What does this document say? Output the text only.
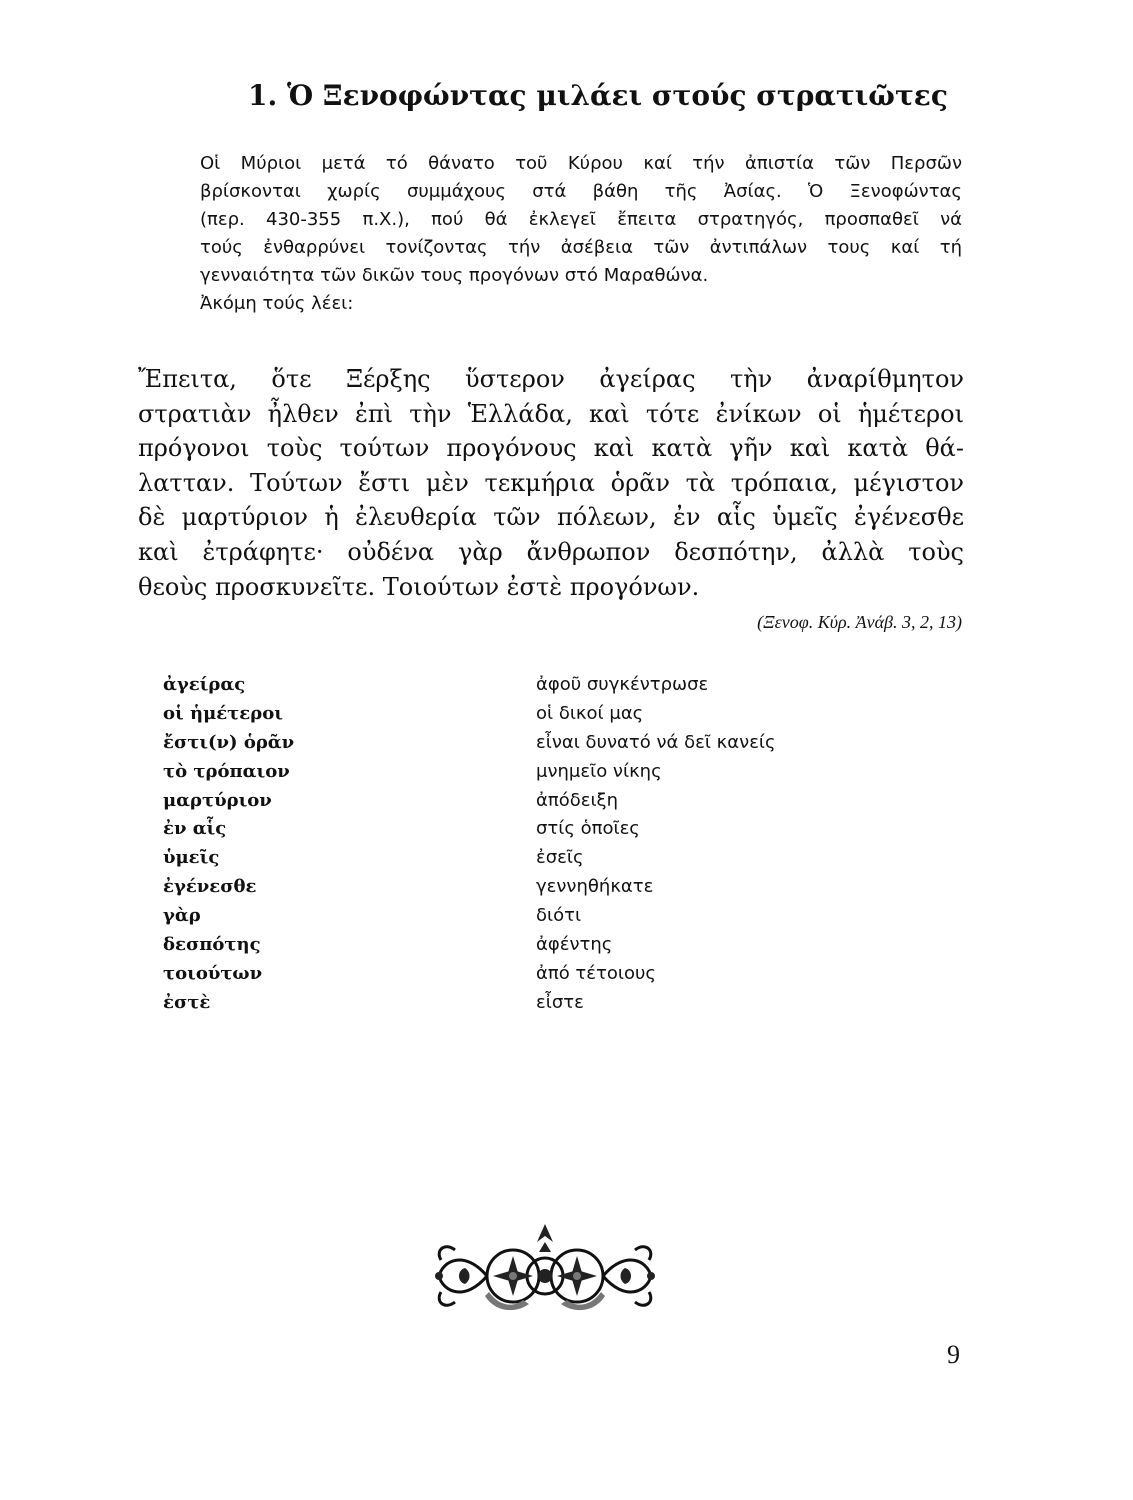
1. Ὁ Ξενοφώντας μιλάει στούς στρατιῶτες
Οἱ Μύριοι μετά τό θάνατο τοῦ Κύρου καί τήν ἀπιστία τῶν Περσῶν
βρίσκονται χωρίς συμμάχους στά βάθη τῆς Ἀσίας. Ὁ Ξενοφώντας
(περ. 430-355 π.Χ.), πού θά ἐκλεγεῖ ἔπειτα στρατηγός, προσπαθεῖ νά
τούς ἐνθαρρύνει τονίζοντας τήν ἀσέβεια τῶν ἀντιπάλων τους καί τή
γενναιότητα τῶν δικῶν τους προγόνων στό Μαραθώνα.
Ἀκόμη τούς λέει:
Ἔπειτα, ὅτε Ξέρξης ὕστερον ἀγείρας τὴν ἀναρίθμητον
στρατιὰν ἦλθεν ἐπὶ τὴν Ἑλλάδα, καὶ τότε ἐνίκων οἱ ἡμέτεροι
πρόγονοι τοὺς τούτων προγόνους καὶ κατὰ γῆν καὶ κατὰ θά-
λατταν. Τούτων ἔστι μὲν τεκμήρια ὁρᾶν τὰ τρόπαια, μέγιστον
δὲ μαρτύριον ἡ ἐλευθερία τῶν πόλεων, ἐν αἷς ὑμεῖς ἐγένεσθε
καὶ ἐτράφητε· οὐδένα γὰρ ἄνθρωπον δεσπότην, ἀλλὰ τοὺς
θεοὺς προσκυνεῖτε. Τοιούτων ἐστὲ προγόνων.
(Ξενοφ. Κύρ. Ἀνάβ. 3, 2, 13)
ἀγείρας	ἀφοῦ συγκέντρωσε
οἱ ἡμέτεροι	οἱ δικοί μας
ἔστι(ν) ὁρᾶν	εἶναι δυνατό νά δεῖ κανείς
τὸ τρόπαιον	μνημεῖο νίκης
μαρτύριον	ἀπόδειξη
ἐν αἷς	στίς ὁποῖες
ὑμεῖς	ἐσεῖς
ἐγένεσθε	γεννηθήκατε
γὰρ	διότι
δεσπότης	ἀφέντης
τοιούτων	ἀπό τέτοιους
ἐστὲ	εἶστε
9
